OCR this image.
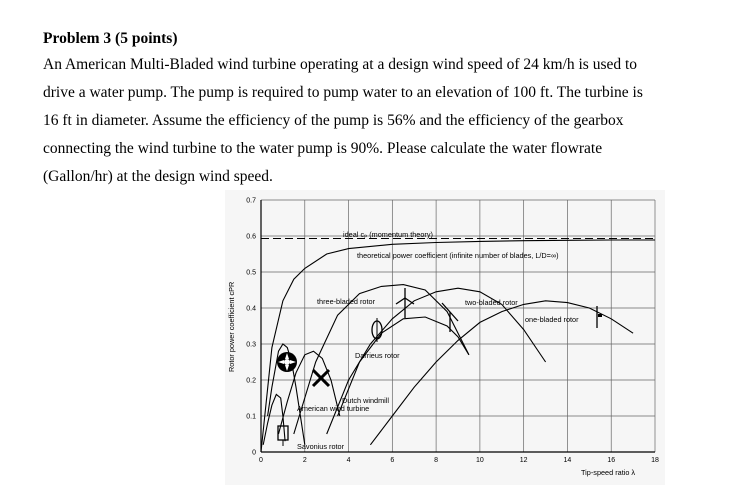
Problem 3 (5 points)
An American Multi-Bladed wind turbine operating at a design wind speed of 24 km/h is used to
drive a water pump. The pump is required to pump water to an elevation of 100 ft. The turbine is
16 ft in diameter. Assume the efficiency of the pump is 56% and the efficiency of the gearbox
connecting the wind turbine to the water pump is 90%. Please calculate the water flowrate
(Gallon/hr) at the design wind speed.
0	2	4	6	8	10	12	14	16	18
0
0.1
0.2
0.3
0.4
0.5
0.6
0.7
ideal cₚ (momentum theory)
theoretical power coefficient (infinite number of blades, L/D=∞)
three-bladed rotor	two-bladed rotor
one-bladed rotor
Darrieus rotor
Dutch windmill
American wind turbine
Savonius rotor
Tip-speed ratio λ
Rotor power coefficient cPR
